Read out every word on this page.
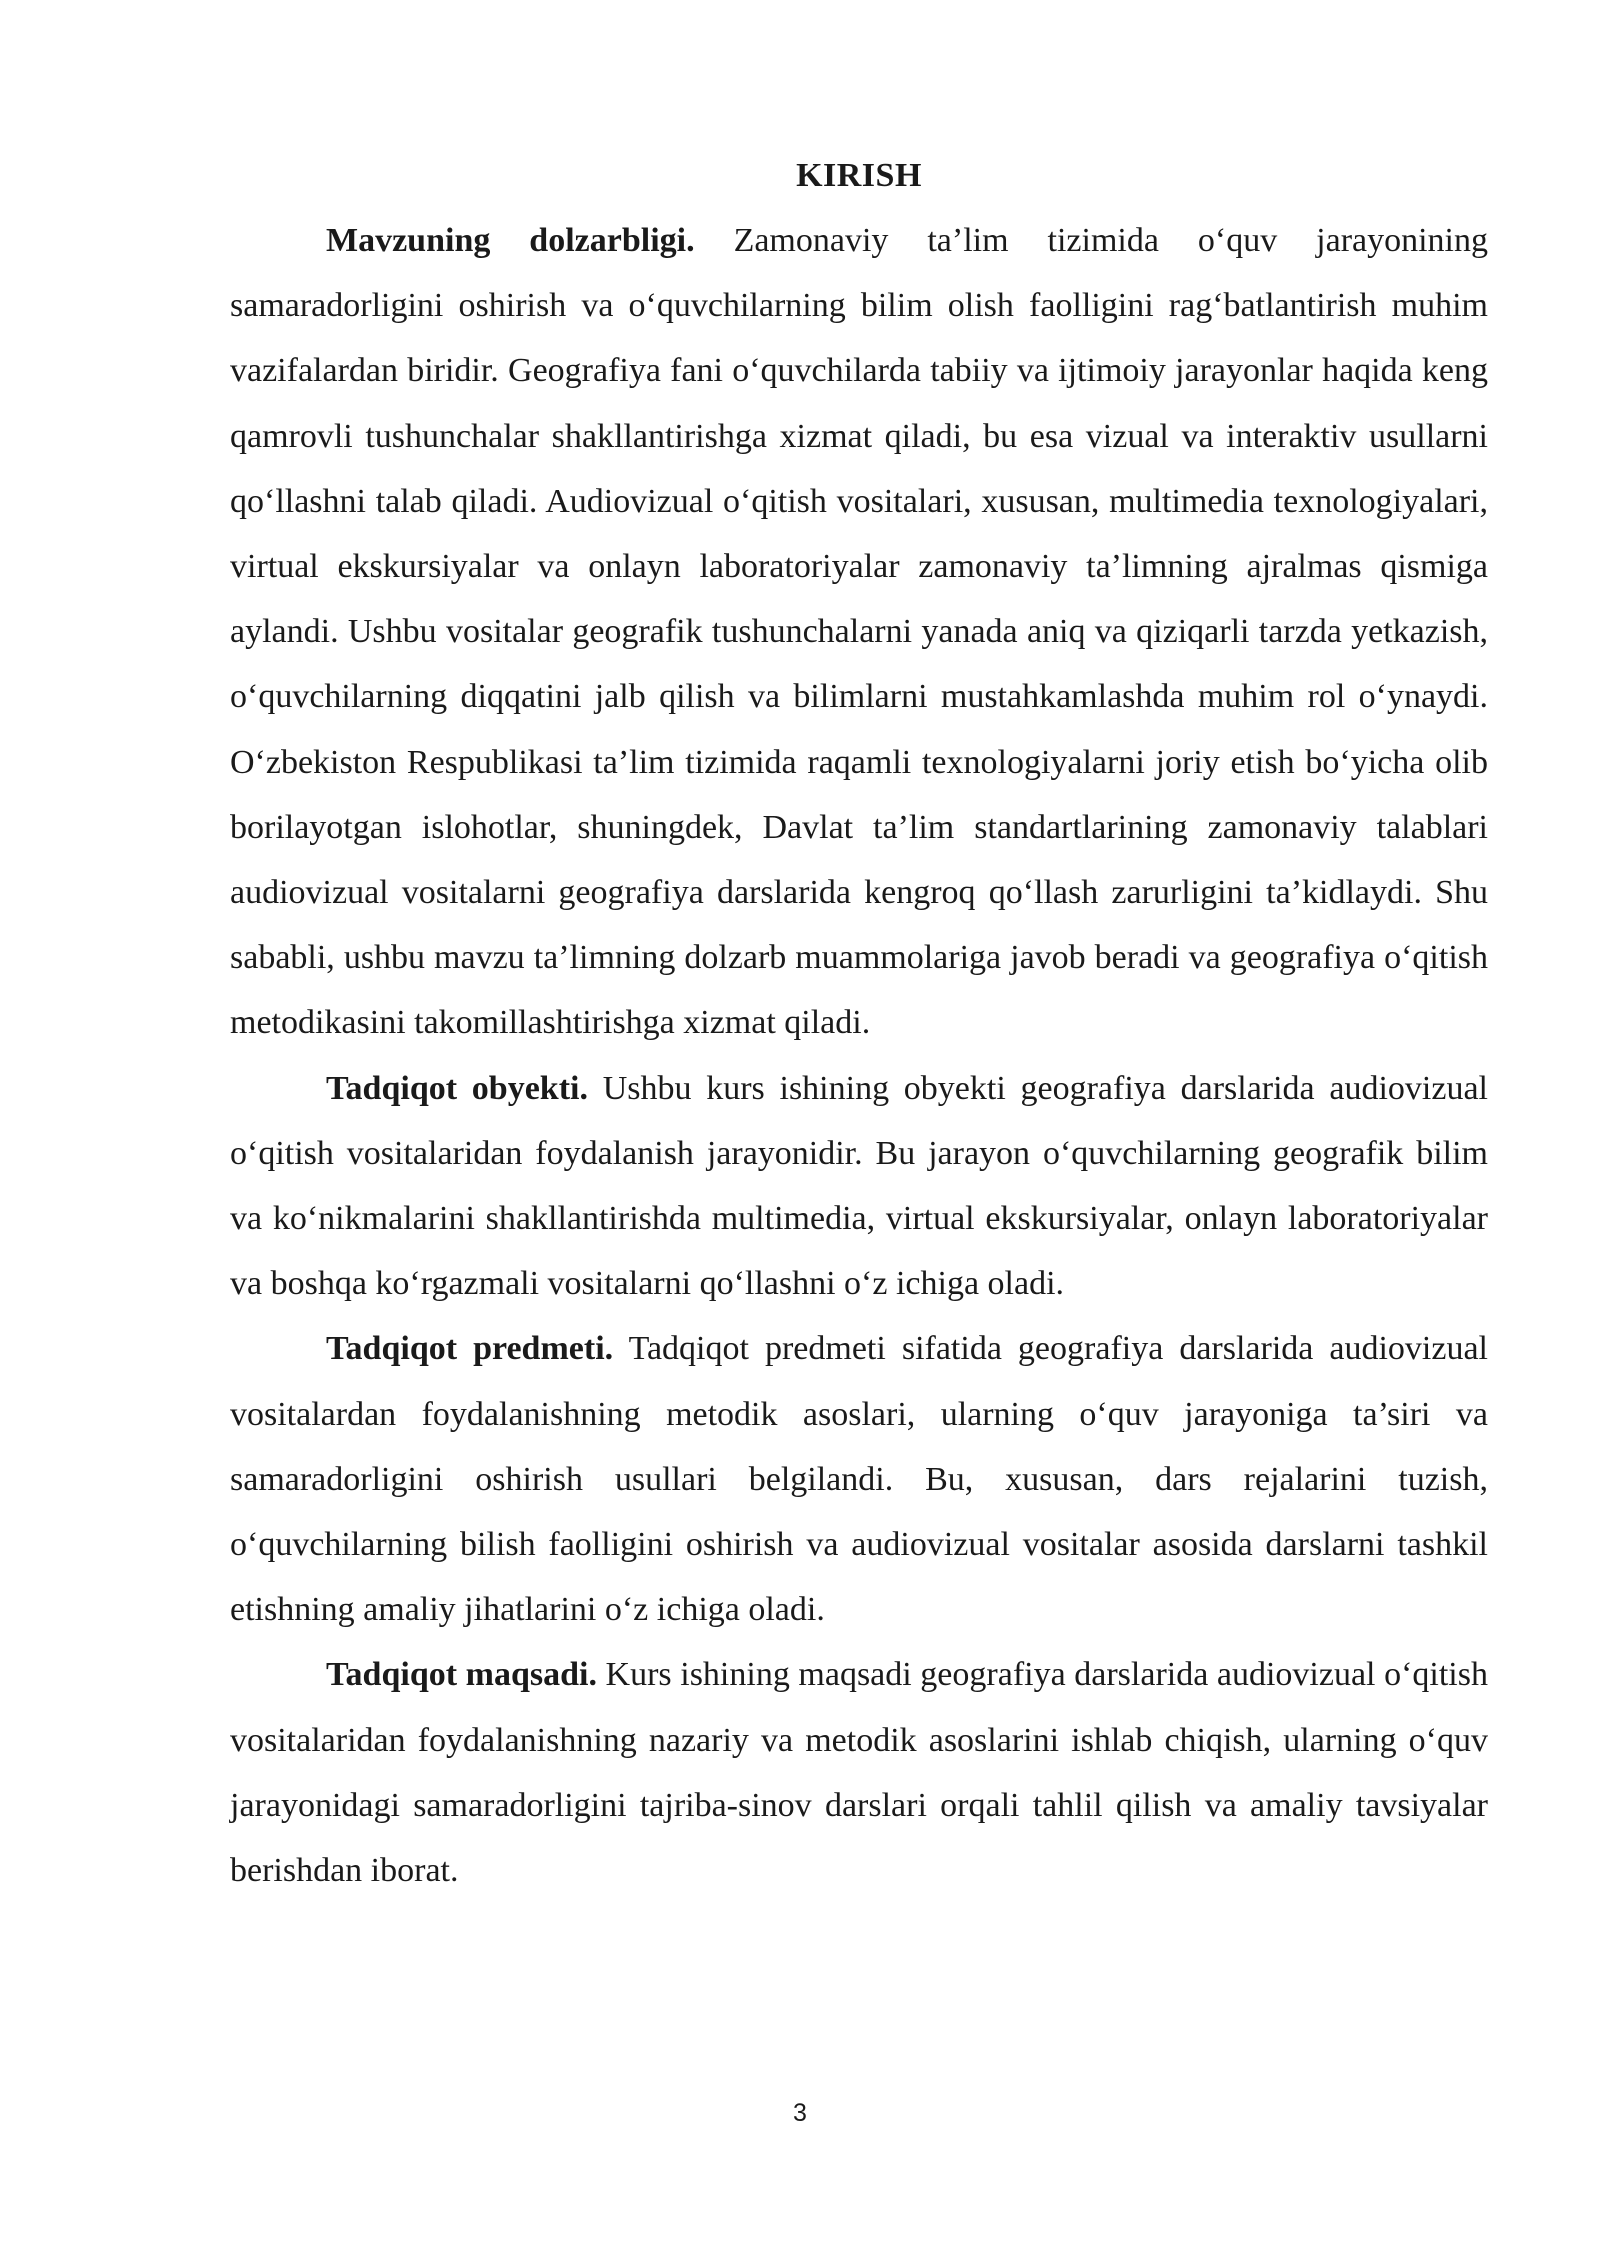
KIRISH

Mavzuning dolzarbligi. Zamonaviy ta’lim tizimida o‘quv jarayonining samaradorligini oshirish va o‘quvchilarning bilim olish faolligini rag‘batlantirish muhim vazifalardan biridir. Geografiya fani o‘quvchilarda tabiiy va ijtimoiy jarayonlar haqida keng qamrovli tushunchalar shakllantirishga xizmat qiladi, bu esa vizual va interaktiv usullarni qo‘llashni talab qiladi. Audiovizual o‘qitish vositalari, xususan, multimedia texnologiyalari, virtual ekskursiyalar va onlayn laboratoriyalar zamonaviy ta’limning ajralmas qismiga aylandi. Ushbu vositalar geografik tushunchalarni yanada aniq va qiziqarli tarzda yetkazish, o‘quvchilarning diqqatini jalb qilish va bilimlarni mustahkamlashda muhim rol o‘ynaydi. O‘zbekiston Respublikasi ta’lim tizimida raqamli texnologiyalarni joriy etish bo‘yicha olib borilayotgan islohotlar, shuningdek, Davlat ta’lim standartlarining zamonaviy talablari audiovizual vositalarni geografiya darslarida kengroq qo‘llash zarurligini ta’kidlaydi. Shu sababli, ushbu mavzu ta’limning dolzarb muammolariga javob beradi va geografiya o‘qitish metodikasini takomillashtirishga xizmat qiladi.

Tadqiqot obyekti. Ushbu kurs ishining obyekti geografiya darslarida audiovizual o‘qitish vositalaridan foydalanish jarayonidir. Bu jarayon o‘quvchilarning geografik bilim va ko‘nikmalarini shakllantirishda multimedia, virtual ekskursiyalar, onlayn laboratoriyalar va boshqa ko‘rgazmali vositalarni qo‘llashni o‘z ichiga oladi.

Tadqiqot predmeti. Tadqiqot predmeti sifatida geografiya darslarida audiovizual vositalardan foydalanishning metodik asoslari, ularning o‘quv jarayoniga ta’siri va samaradorligini oshirish usullari belgilandi. Bu, xususan, dars rejalarini tuzish, o‘quvchilarning bilish faolligini oshirish va audiovizual vositalar asosida darslarni tashkil etishning amaliy jihatlarini o‘z ichiga oladi.

Tadqiqot maqsadi. Kurs ishining maqsadi geografiya darslarida audiovizual o‘qitish vositalaridan foydalanishning nazariy va metodik asoslarini ishlab chiqish, ularning o‘quv jarayonidagi samaradorligini tajriba-sinov darslari orqali tahlil qilish va amaliy tavsiyalar berishdan iborat.

3
